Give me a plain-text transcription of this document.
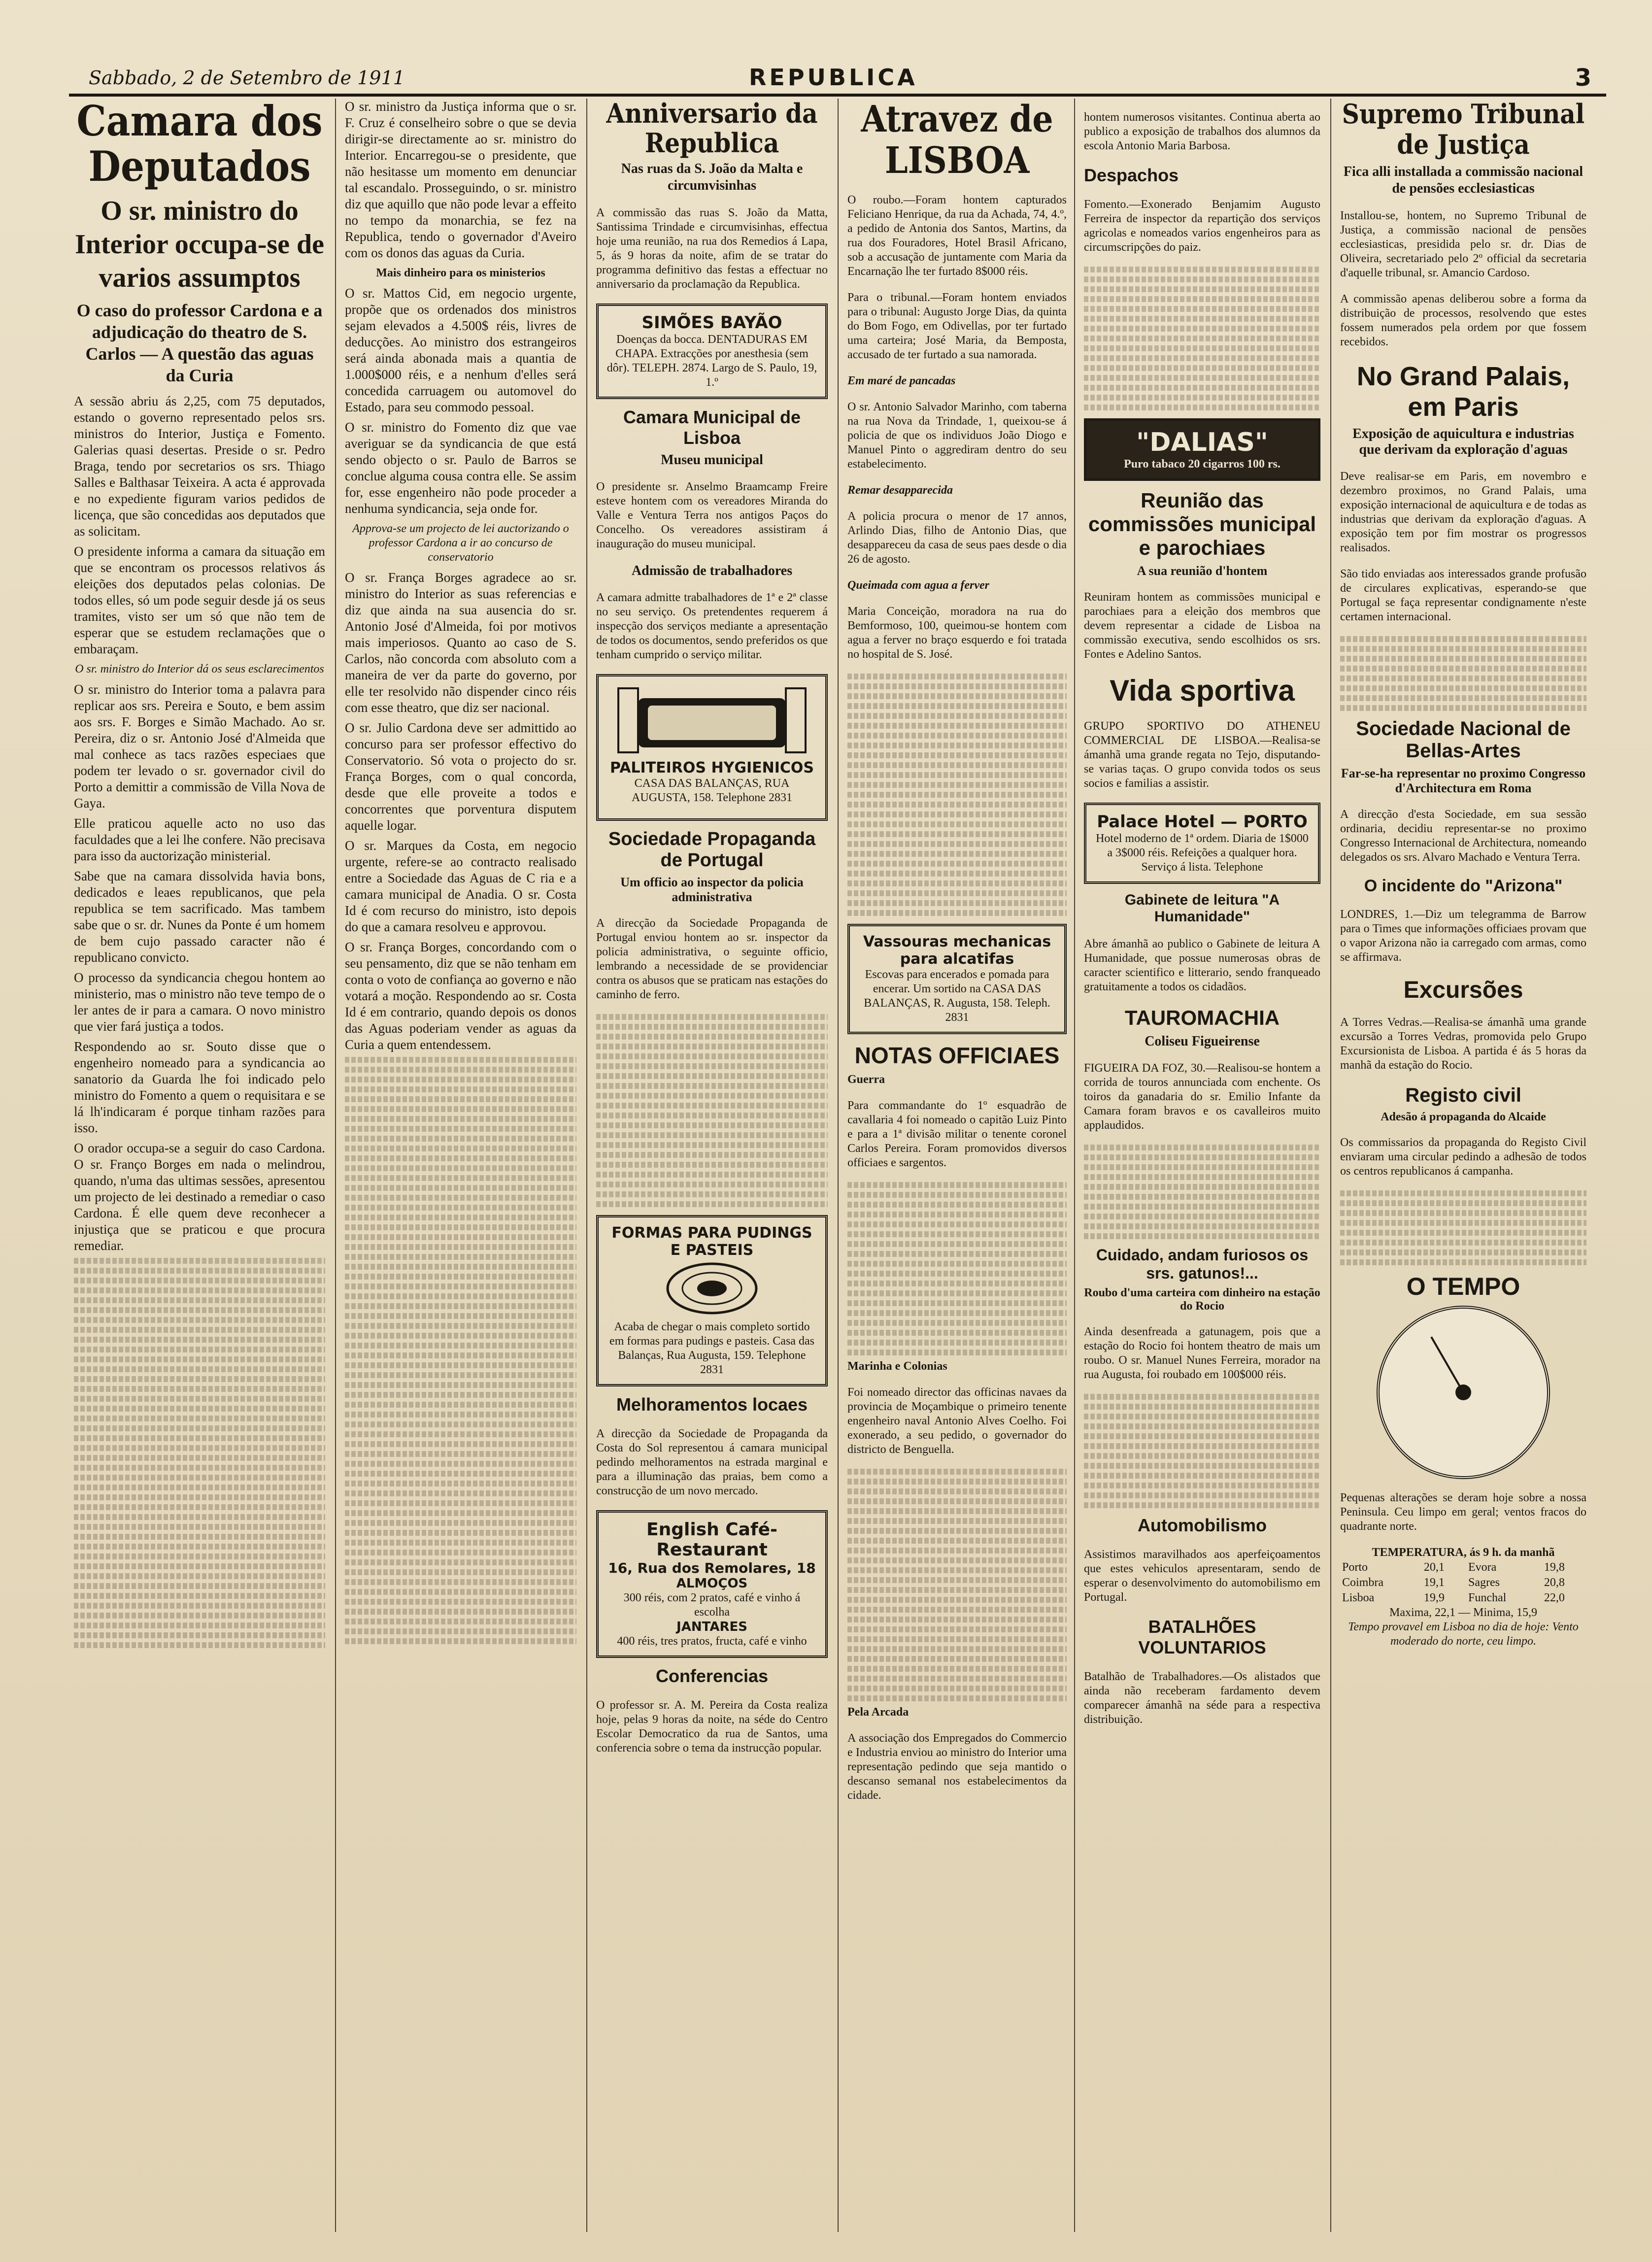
Sabbado, 2 de Setembro de 1911	REPUBLICA	3
Camara dos Deputados
O sr. ministro do Interior occupa-se de varios assumptos
O caso do professor Cardona e a adjudicação do theatro de S. Carlos — A questão das aguas da Curia

A sessão abriu ás 2,25, com 75 deputados, estando o governo representado pelos srs. ministros do Interior, Justiça e Fomento. Galerias quasi desertas. Preside o sr. Pedro Braga, tendo por secretarios os srs. Thiago Salles e Balthasar Teixeira. A acta é approvada e no expediente figuram varios pedidos de licença, que são concedidas aos deputados que as solicitam.

O presidente informa a camara da situação em que se encontram os processos relativos ás eleições dos deputados pelas colonias. De todos elles, só um pode seguir desde já os seus tramites, visto ser um só que não tem de esperar que se estudem reclamações que o embaraçam.

O sr. ministro do Interior dá os seus esclarecimentos

O sr. ministro do Interior toma a palavra para replicar aos srs. Pereira e Souto, e bem assim aos srs. F. Borges e Simão Machado. Ao sr. Pereira, diz o sr. Antonio José d'Almeida que mal conhece as tacs razões especiaes que podem ter levado o sr. governador civil do Porto a demittir a commissão de Villa Nova de Gaya.

Elle praticou aquelle acto no uso das faculdades que a lei lhe confere. Não precisava para isso da auctorização ministerial.

Sabe que na camara dissolvida havia bons, dedicados e leaes republicanos, que pela republica se tem sacrificado. Mas tambem sabe que o sr. dr. Nunes da Ponte é um homem de bem cujo passado caracter não é republicano convicto.

O processo da syndicancia chegou hontem ao ministerio, mas o ministro não teve tempo de o ler antes de ir para a camara. O novo ministro que vier fará justiça a todos.

Respondendo ao sr. Souto disse que o engenheiro nomeado para a syndicancia ao sanatorio da Guarda lhe foi indicado pelo ministro do Fomento a quem o requisitara e se lá lh'indicaram é porque tinham razões para isso.

O orador occupa-se a seguir do caso Cardona. O sr. Franço Borges em nada o melindrou, quando, n'uma das ultimas sessões, apresentou um projecto de lei destinado a remediar o caso Cardona. É elle quem deve reconhecer a injustiça que se praticou e que procura remediar.

O sr. ministro da Justiça informa que o sr. F. Cruz é conselheiro sobre o que se devia dirigir-se directamente ao sr. ministro do Interior. Encarregou-se o presidente, que não hesitasse um momento em denunciar tal escandalo. Prosseguindo, o sr. ministro diz que aquillo que não pode levar a effeito no tempo da monarchia, se fez na Republica, tendo o governador d'Aveiro com os donos das aguas da Curia.

Mais dinheiro para os ministerios

O sr. Mattos Cid, em negocio urgente, propõe que os ordenados dos ministros sejam elevados a 4.500$ réis, livres de deducções. Ao ministro dos estrangeiros será ainda abonada mais a quantia de 1.000$000 réis, e a nenhum d'elles será concedida carruagem ou automovel do Estado, para seu commodo pessoal.

O sr. ministro do Fomento diz que vae averiguar se da syndicancia de que está sendo objecto o sr. Paulo de Barros se conclue alguma cousa contra elle. Se assim for, esse engenheiro não pode proceder a nenhuma syndicancia, seja onde for.

Approva-se um projecto de lei auctorizando o professor Cardona a ir ao concurso de conservatorio

O sr. França Borges agradece ao sr. ministro do Interior as suas referencias e diz que ainda na sua ausencia do sr. Antonio José d'Almeida, foi por motivos mais imperiosos. Quanto ao caso de S. Carlos, não concorda com absoluto com a maneira de ver da parte do governo, por elle ter resolvido não dispender cinco réis com esse theatro, que diz ser nacional.

O sr. Julio Cardona deve ser admittido ao concurso para ser professor effectivo do Conservatorio. Só vota o projecto do sr. França Borges, com o qual concorda, desde que elle proveite a todos e concorrentes que porventura disputem aquelle logar.

O sr. Marques da Costa, em negocio urgente, refere-se ao contracto realisado entre a Sociedade das Aguas de C ria e a camara municipal de Anadia. O sr. Costa Id é com recurso do ministro, isto depois do que a camara resolveu e approvou.

O sr. França Borges, concordando com o seu pensamento, diz que se não tenham em conta o voto de confiança ao governo e não votará a moção. Respondendo ao sr. Costa Id é em contrario, quando depois os donos das Aguas poderiam vender as aguas da Curia a quem entendessem.

Anniversario da Republica
Nas ruas da S. João da Malta e circumvisinhas

A commissão das ruas S. João da Matta, Santissima Trindade e circumvisinhas, effectua hoje uma reunião, na rua dos Remedios á Lapa, 5, ás 9 horas da noite, afim de se tratar do programma definitivo das festas a effectuar no anniversario da proclamação da Republica.

SIMÕES BAYÃO
Doenças da bocca. DENTADURAS EM CHAPA. Extracções por anesthesia (sem dôr). TELEPH. 2874. Largo de S. Paulo, 19, 1.º
Camara Municipal de Lisboa
Museu municipal

O presidente sr. Anselmo Braamcamp Freire esteve hontem com os vereadores Miranda do Valle e Ventura Terra nos antigos Paços do Concelho. Os vereadores assistiram á inauguração do museu municipal.

Admissão de trabalhadores

A camara admitte trabalhadores de 1ª e 2ª classe no seu serviço. Os pretendentes requerem á inspecção dos serviços mediante a apresentação de todos os documentos, sendo preferidos os que tenham cumprido o serviço militar.

PALITEIROS HYGIENICOS
CASA DAS BALANÇAS, RUA AUGUSTA, 158. Telephone 2831
Sociedade Propaganda de Portugal
Um officio ao inspector da policia administrativa

A direcção da Sociedade Propaganda de Portugal enviou hontem ao sr. inspector da policia administrativa, o seguinte officio, lembrando a necessidade de se providenciar contra os abusos que se praticam nas estações do caminho de ferro.

FORMAS PARA PUDINGS E PASTEIS
Acaba de chegar o mais completo sortido em formas para pudings e pasteis. Casa das Balanças, Rua Augusta, 159. Telephone 2831
Melhoramentos locaes

A direcção da Sociedade de Propaganda da Costa do Sol representou á camara municipal pedindo melhoramentos na estrada marginal e para a illuminação das praias, bem como a construcção de um novo mercado.

English Café-Restaurant
16, Rua dos Remolares, 18
ALMOÇOS
300 réis, com 2 pratos, café e vinho á escolha
JANTARES
400 réis, tres pratos, fructa, café e vinho
Conferencias

O professor sr. A. M. Pereira da Costa realiza hoje, pelas 9 horas da noite, na séde do Centro Escolar Democratico da rua de Santos, uma conferencia sobre o tema da instrucção popular.

Atravez de LISBOA

O roubo.—Foram hontem capturados Feliciano Henrique, da rua da Achada, 74, 4.º, a pedido de Antonia dos Santos, Martins, da rua dos Fouradores, Hotel Brasil Africano, sob a accusação de juntamente com Maria da Encarnação lhe ter furtado 8$000 réis.

Para o tribunal.—Foram hontem enviados para o tribunal: Augusto Jorge Dias, da quinta do Bom Fogo, em Odivellas, por ter furtado uma carteira; José Maria, da Bemposta, accusado de ter furtado a sua namorada.

Em maré de pancadas

O sr. Antonio Salvador Marinho, com taberna na rua Nova da Trindade, 1, queixou-se á policia de que os individuos João Diogo e Manuel Pinto o aggrediram dentro do seu estabelecimento.

Remar desapparecida

A policia procura o menor de 17 annos, Arlindo Dias, filho de Antonio Dias, que desappareceu da casa de seus paes desde o dia 26 de agosto.

Queimada com agua a ferver

Maria Conceição, moradora na rua do Bemformoso, 100, queimou-se hontem com agua a ferver no braço esquerdo e foi tratada no hospital de S. José.

Vassouras mechanicas para alcatifas
Escovas para encerados e pomada para encerar. Um sortido na CASA DAS BALANÇAS, R. Augusta, 158. Teleph. 2831
NOTAS OFFICIAES
Guerra

Para commandante do 1º esquadrão de cavallaria 4 foi nomeado o capitão Luiz Pinto e para a 1ª divisão militar o tenente coronel Carlos Pereira. Foram promovidos diversos officiaes e sargentos.

Marinha e Colonias

Foi nomeado director das officinas navaes da provincia de Moçambique o primeiro tenente engenheiro naval Antonio Alves Coelho. Foi exonerado, a seu pedido, o governador do districto de Benguella.

Pela Arcada

A associação dos Empregados do Commercio e Industria enviou ao ministro do Interior uma representação pedindo que seja mantido o descanso semanal nos estabelecimentos da cidade.

hontem numerosos visitantes. Continua aberta ao publico a exposição de trabalhos dos alumnos da escola Antonio Maria Barbosa.

Despachos

Fomento.—Exonerado Benjamim Augusto Ferreira de inspector da repartição dos serviços agricolas e nomeados varios engenheiros para as circumscripções do paiz.

"DALIAS"
Puro tabaco 20 cigarros 100 rs.
Reunião das commissões municipal e parochiaes
A sua reunião d'hontem

Reuniram hontem as commissões municipal e parochiaes para a eleição dos membros que devem representar a cidade de Lisboa na commissão executiva, sendo escolhidos os srs. Fontes e Adelino Santos.

Vida sportiva

GRUPO SPORTIVO DO ATHENEU COMMERCIAL DE LISBOA.—Realisa-se ámanhã uma grande regata no Tejo, disputando-se varias taças. O grupo convida todos os seus socios e familias a assistir.

Palace Hotel — PORTO
Hotel moderno de 1ª ordem. Diaria de 1$000 a 3$000 réis. Refeições a qualquer hora. Serviço á lista. Telephone
Gabinete de leitura "A Humanidade"

Abre ámanhã ao publico o Gabinete de leitura A Humanidade, que possue numerosas obras de caracter scientifico e litterario, sendo franqueado gratuitamente a todos os cidadãos.

TAUROMACHIA
Coliseu Figueirense

FIGUEIRA DA FOZ, 30.—Realisou-se hontem a corrida de touros annunciada com enchente. Os toiros da ganadaria do sr. Emilio Infante da Camara foram bravos e os cavalleiros muito applaudidos.

Cuidado, andam furiosos os srs. gatunos!...
Roubo d'uma carteira com dinheiro na estação do Rocio

Ainda desenfreada a gatunagem, pois que a estação do Rocio foi hontem theatro de mais um roubo. O sr. Manuel Nunes Ferreira, morador na rua Augusta, foi roubado em 100$000 réis.

Automobilismo

Assistimos maravilhados aos aperfeiçoamentos que estes vehiculos apresentaram, sendo de esperar o desenvolvimento do automobilismo em Portugal.

BATALHÕES VOLUNTARIOS

Batalhão de Trabalhadores.—Os alistados que ainda não receberam fardamento devem comparecer ámanhã na séde para a respectiva distribuição.

Supremo Tribunal de Justiça
Fica alli installada a commissão nacional de pensões ecclesiasticas

Installou-se, hontem, no Supremo Tribunal de Justiça, a commissão nacional de pensões ecclesiasticas, presidida pelo sr. dr. Dias de Oliveira, secretariado pelo 2º official da secretaria d'aquelle tribunal, sr. Amancio Cardoso.

A commissão apenas deliberou sobre a forma da distribuição de processos, resolvendo que estes fossem numerados pela ordem por que fossem recebidos.

No Grand Palais, em Paris
Exposição de aquicultura e industrias que derivam da exploração d'aguas

Deve realisar-se em Paris, em novembro e dezembro proximos, no Grand Palais, uma exposição internacional de aquicultura e de todas as industrias que derivam da exploração d'aguas. A exposição tem por fim mostrar os progressos realisados.

São tido enviadas aos interessados grande profusão de circulares explicativas, esperando-se que Portugal se faça representar condignamente n'este certamen internacional.

Sociedade Nacional de Bellas-Artes
Far-se-ha representar no proximo Congresso d'Architectura em Roma

A direcção d'esta Sociedade, em sua sessão ordinaria, decidiu representar-se no proximo Congresso Internacional de Architectura, nomeando delegados os srs. Alvaro Machado e Ventura Terra.

O incidente do "Arizona"

LONDRES, 1.—Diz um telegramma de Barrow para o Times que informações officiaes provam que o vapor Arizona não ia carregado com armas, como se affirmava.

Excursões

A Torres Vedras.—Realisa-se ámanhã uma grande excursão a Torres Vedras, promovida pelo Grupo Excursionista de Lisboa. A partida é ás 5 horas da manhã da estação do Rocio.

Registo civil
Adesão á propaganda do Alcaide

Os commissarios da propaganda do Registo Civil enviaram uma circular pedindo a adhesão de todos os centros republicanos á campanha.

O TEMPO

Pequenas alterações se deram hoje sobre a nossa Peninsula. Ceu limpo em geral; ventos fracos do quadrante norte.

TEMPERATURA, ás 9 h. da manhã
Porto	20,1	Evora	19,8
Coimbra	19,1	Sagres	20,8
Lisboa	19,9	Funchal	22,0
Maxima, 22,1 — Minima, 15,9
Tempo provavel em Lisboa no dia de hoje: Vento moderado do norte, ceu limpo.
